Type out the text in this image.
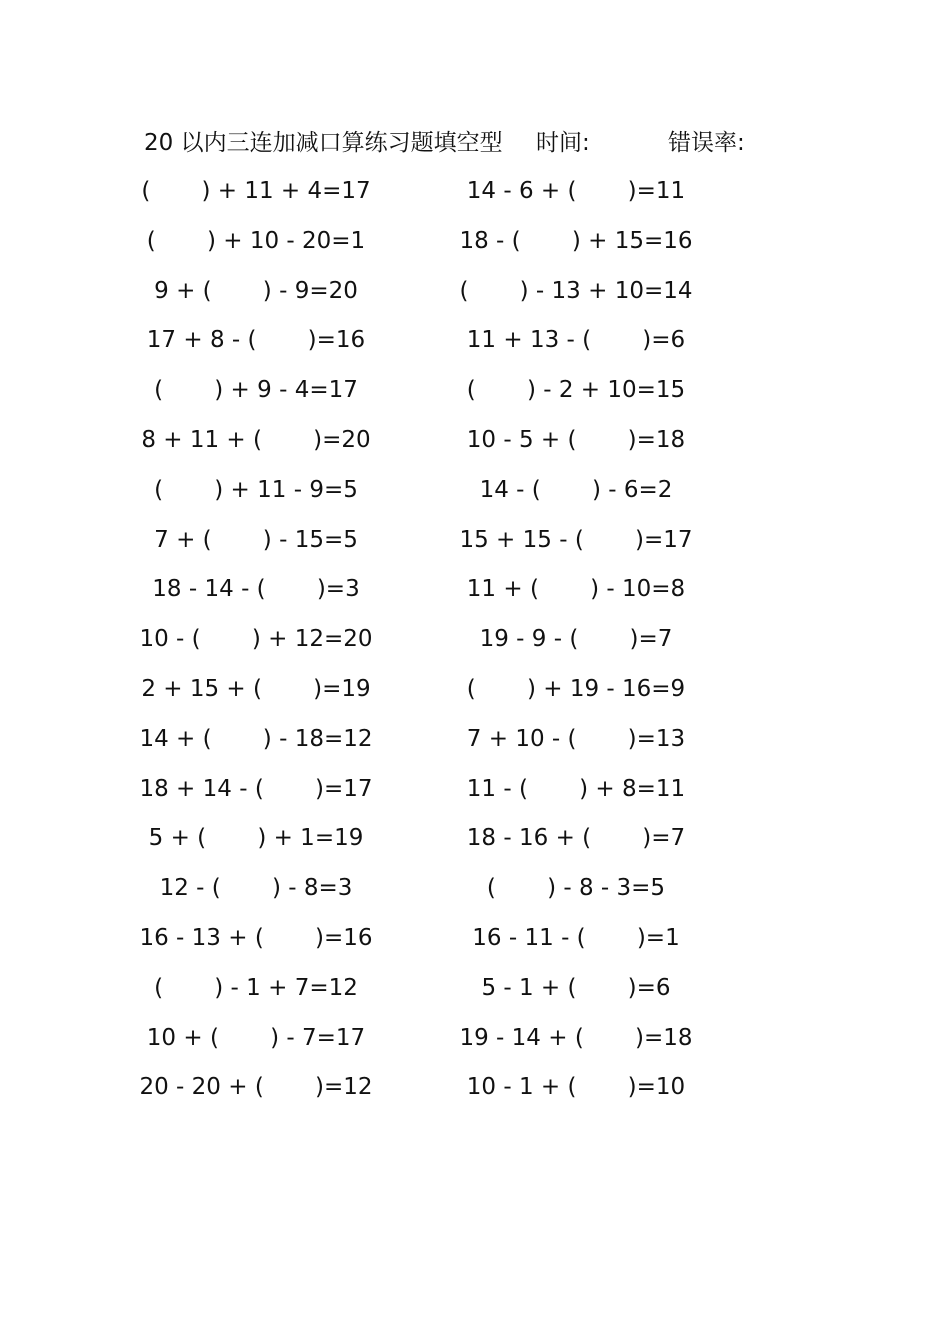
20 以内三连加减口算练习题填空型 时间:	错误率:
(       ) + 11 + 4=17	14 - 6 + (       )=11
(       ) + 10 - 20=1	18 - (       ) + 15=16
9 + (       ) - 9=20	(       ) - 13 + 10=14
17 + 8 - (       )=16	11 + 13 - (       )=6
(       ) + 9 - 4=17	(       ) - 2 + 10=15
8 + 11 + (       )=20	10 - 5 + (       )=18
(       ) + 11 - 9=5	14 - (       ) - 6=2
7 + (       ) - 15=5	15 + 15 - (       )=17
18 - 14 - (       )=3	11 + (       ) - 10=8
10 - (       ) + 12=20	19 - 9 - (       )=7
2 + 15 + (       )=19	(       ) + 19 - 16=9
14 + (       ) - 18=12	7 + 10 - (       )=13
18 + 14 - (       )=17	11 - (       ) + 8=11
5 + (       ) + 1=19	18 - 16 + (       )=7
12 - (       ) - 8=3	(       ) - 8 - 3=5
16 - 13 + (       )=16	16 - 11 - (       )=1
(       ) - 1 + 7=12	5 - 1 + (       )=6
10 + (       ) - 7=17	19 - 14 + (       )=18
20 - 20 + (       )=12	10 - 1 + (       )=10
